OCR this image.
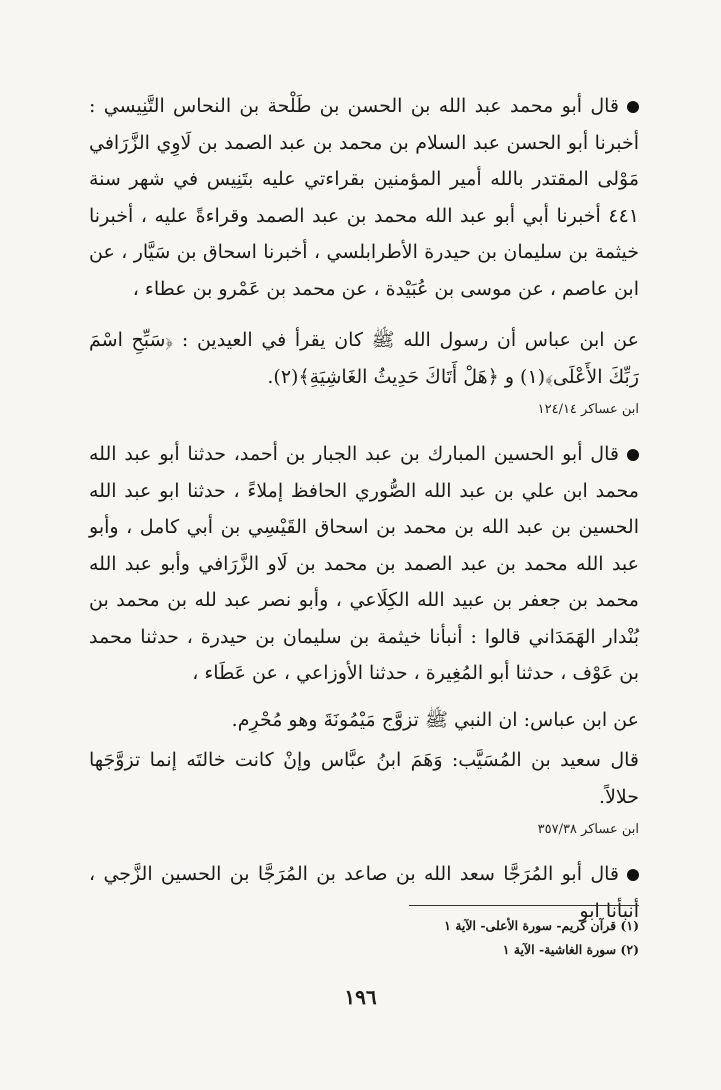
قال أبو محمد عبد الله بن الحسن بن طَلْحة بن النحاس التَّنِيسي : أخبرنا أبو الحسن عبد السلام بن محمد بن عبد الصمد بن لَاوِي الزَّرَافي مَوْلى المقتدر بالله أمير المؤمنين بقراءتي عليه بتَنِيس في شهر سنة ٤٤١ أخبرنا أبي أبو عبد الله محمد بن عبد الصمد وقراءةً عليه ، أخبرنا خيثمة بن سليمان بن حيدرة الأطرابلسي ، أخبرنا اسحاق بن سَيَّار ، عن ابن عاصم ، عن موسى بن عُبَيْدة ، عن محمد بن عَمْرو بن عطاء ،

عن ابن عباس أن رسول الله ﷺ كان يقرأ في العيدين : ﴿سَبِّحِ اسْمَ رَبِّكَ الأَعْلَى﴾(١) و ﴿هَلْ أَتَاكَ حَدِيثُ الغَاشِيَةِ﴾(٢).

ابن عساكر ١٢٤/١٤

قال أبو الحسين المبارك بن عبد الجبار بن أحمد، حدثنا أبو عبد الله محمد ابن علي بن عبد الله الصُّوري الحافظ إملاءً ، حدثنا ابو عبد الله الحسين بن عبد الله بن محمد بن اسحاق القَيْسِي بن أبي كامل ، وأبو عبد الله محمد بن عبد الصمد بن محمد بن لَاو الزَّرَافي وأبو عبد الله محمد بن جعفر بن عبيد الله الكِلَاعي ، وأبو نصر عبد لله بن محمد بن بُنْدار الهَمَدَاني قالوا : أنبأنا خيثمة بن سليمان بن حيدرة ، حدثنا محمد بن عَوْف ، حدثنا أبو المُغِيرة ، حدثنا الأوزاعي ، عن عَطَاء ،

عن ابن عباس: ان النبي ﷺ تزوَّج مَيْمُونَةَ وهو مُحْرِم.

قال سعيد بن المُسَيَّب: وَهَمَ ابنُ عبَّاس وإنْ كانت خالتَه إنما تزوَّجَها حلالاً.

ابن عساكر ٣٥٧/٣٨

قال أبو المُرَجَّا سعد الله بن صاعد بن المُرَجَّا بن الحسين الزَّجي ، أنبأنا ابو

(١) قرآن كريم- سورة الأعلى- الآية ١
(٢) سورة الغاشية- الآية ١
١٩٦
